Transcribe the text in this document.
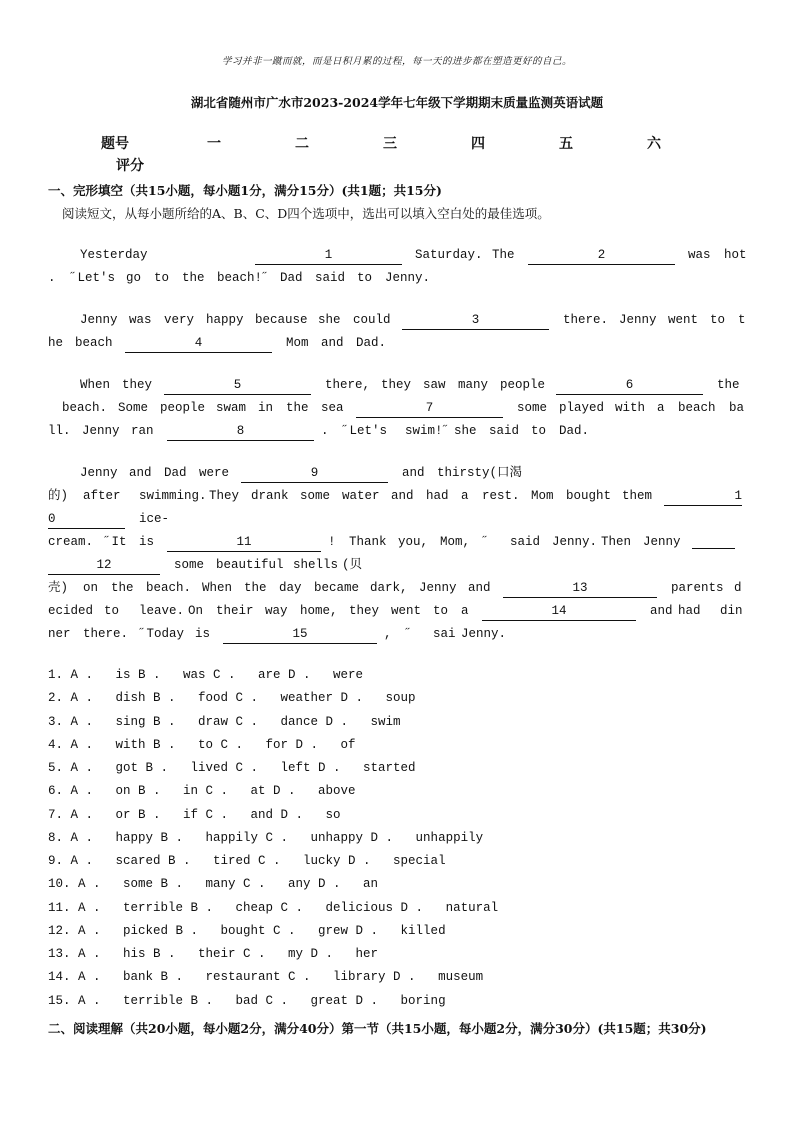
学习并非一蹴而就，而是日积月累的过程，每一天的进步都在塑造更好的自己。
湖北省随州市广水市2023-2024学年七年级下学期期末质量监测英语试题
题号	一	二	三	四	五	六
评分
一、完形填空（共15小题，每小题1分，满分15分）(共1题；共15分)
阅读短文，从每小题所给的A、B、C、D四个选项中，选出可以填入空白处的最佳选项。
Yesterday	1	Saturday. The	2	was hot
. ˝Let's go to the beach!˝ Dad said to Jenny.
Jenny was very happy because she could	3	there. Jenny went to t
he beach	4	Mom and Dad.
When they	5	there, they saw many people	6	the
beach. Some people swam in the sea	7	some played with a beach ba
ll. Jenny ran	8	. ˝Let's swim!˝ she said to Dad.
Jenny and Dad were	9	and thirsty(口渴
的) after swimming. They drank some water and had a rest. Mom bought them	1
0	ice-
cream. ˝It is	11	! Thank you, Mom, ˝ said Jenny. Then Jenny
12	some beautiful shells (贝
壳) on the beach. When the day became dark, Jenny and	13	parents d
ecided to leave. On their way home, they went to a	14	and had din
ner there. ˝Today is	15	, ˝ sai Jenny.
1. A .   is B .   was C .   are D .   were
2. A .   dish B .   food C .   weather D .   soup
3. A .   sing B .   draw C .   dance D .   swim
4. A .   with B .   to C .   for D .   of
5. A .   got B .   lived C .   left D .   started
6. A .   on B .   in C .   at D .   above
7. A .   or B .   if C .   and D .   so
8. A .   happy B .   happily C .   unhappy D .   unhappily
9. A .   scared B .   tired C .   lucky D .   special
10. A .   some B .   many C .   any D .   an
11. A .   terrible B .   cheap C .   delicious D .   natural
12. A .   picked B .   bought C .   grew D .   killed
13. A .   his B .   their C .   my D .   her
14. A .   bank B .   restaurant C .   library D .   museum
15. A .   terrible B .   bad C .   great D .   boring
二、阅读理解（共20小题，每小题2分，满分40分）第一节（共15小题，每小题2分，满分30分）(共15题；共30分)
